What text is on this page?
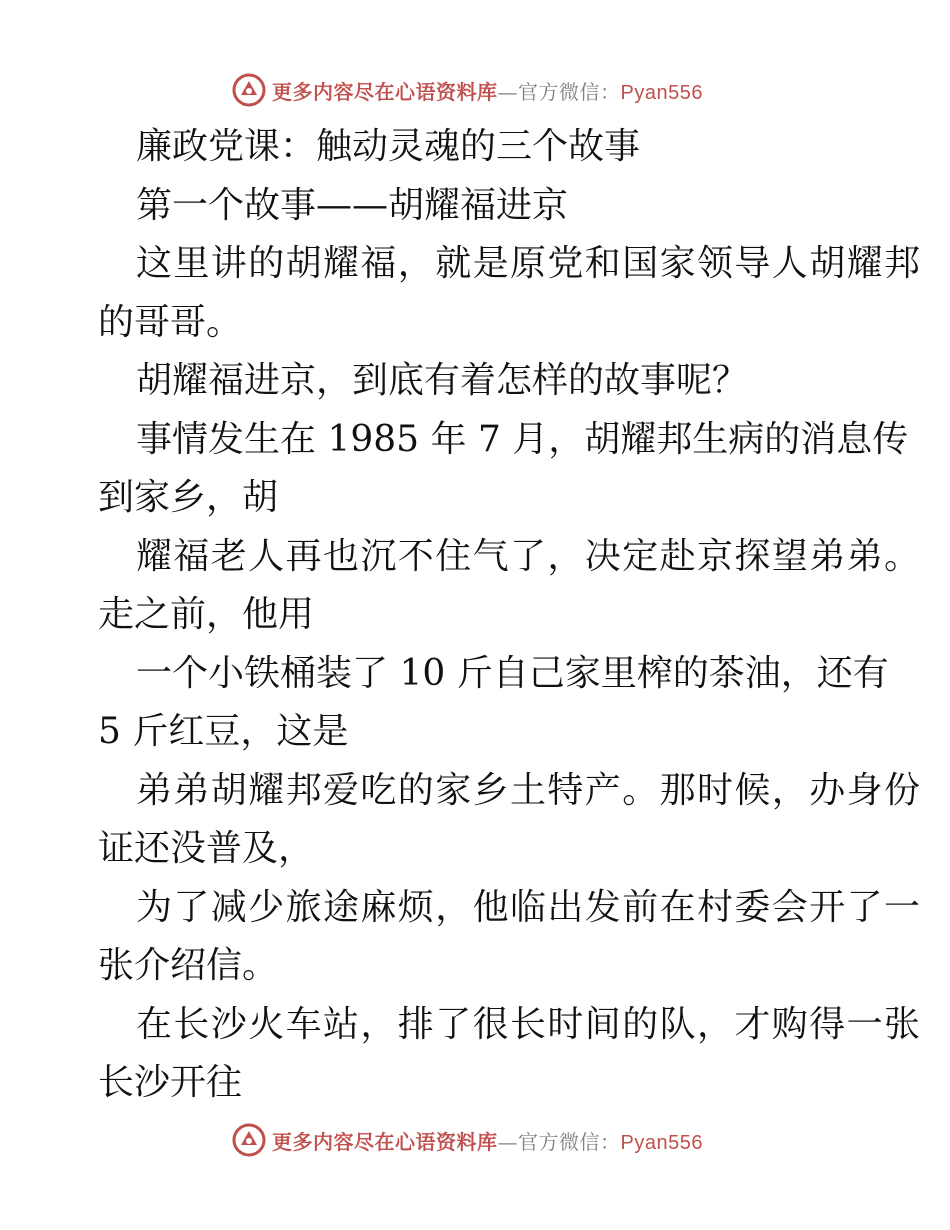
更多内容尽在心语资料库—官方微信：Pyan556
廉政党课：触动灵魂的三个故事
第一个故事——胡耀福进京
这里讲的胡耀福，就是原党和国家领导人胡耀邦
的哥哥。
胡耀福进京，到底有着怎样的故事呢？
事情发生在 1985 年 7 月，胡耀邦生病的消息传
到家乡，胡
耀福老人再也沉不住气了，决定赴京探望弟弟。
走之前，他用
一个小铁桶装了 10 斤自己家里榨的茶油，还有
5 斤红豆，这是
弟弟胡耀邦爱吃的家乡土特产。那时候，办身份
证还没普及，
为了减少旅途麻烦，他临出发前在村委会开了一
张介绍信。
在长沙火车站，排了很长时间的队，才购得一张
长沙开往
更多内容尽在心语资料库—官方微信：Pyan556
